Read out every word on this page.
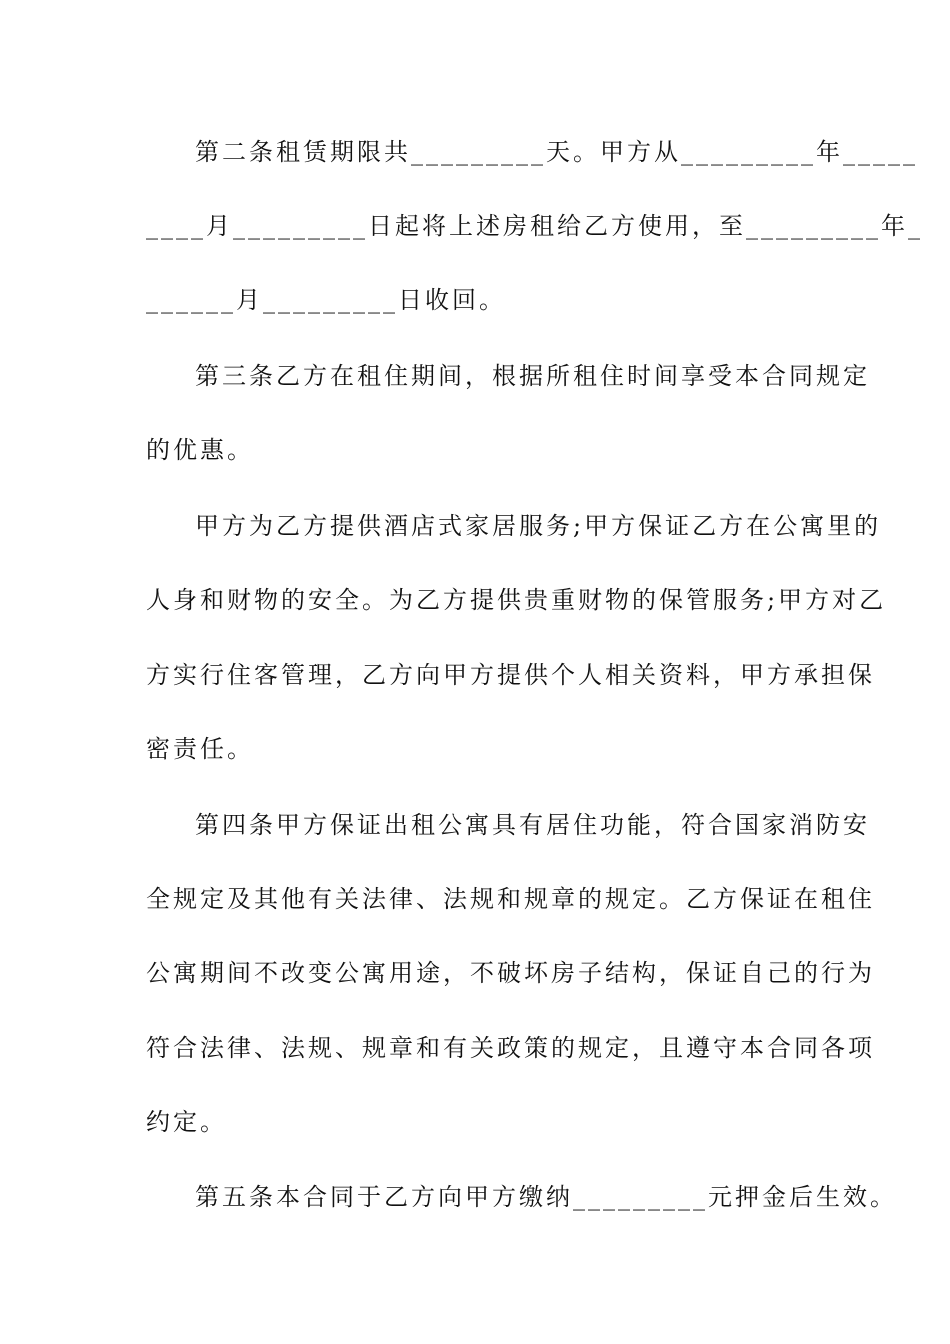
第二条租赁期限共_________天。甲方从_________年_____
____月_________日起将上述房租给乙方使用，至_________年_
______月_________日收回。
第三条乙方在租住期间，根据所租住时间享受本合同规定
的优惠。
甲方为乙方提供酒店式家居服务;甲方保证乙方在公寓里的
人身和财物的安全。为乙方提供贵重财物的保管服务;甲方对乙
方实行住客管理，乙方向甲方提供个人相关资料，甲方承担保
密责任。
第四条甲方保证出租公寓具有居住功能，符合国家消防安
全规定及其他有关法律、法规和规章的规定。乙方保证在租住
公寓期间不改变公寓用途，不破坏房子结构，保证自己的行为
符合法律、法规、规章和有关政策的规定，且遵守本合同各项
约定。
第五条本合同于乙方向甲方缴纳_________元押金后生效。
